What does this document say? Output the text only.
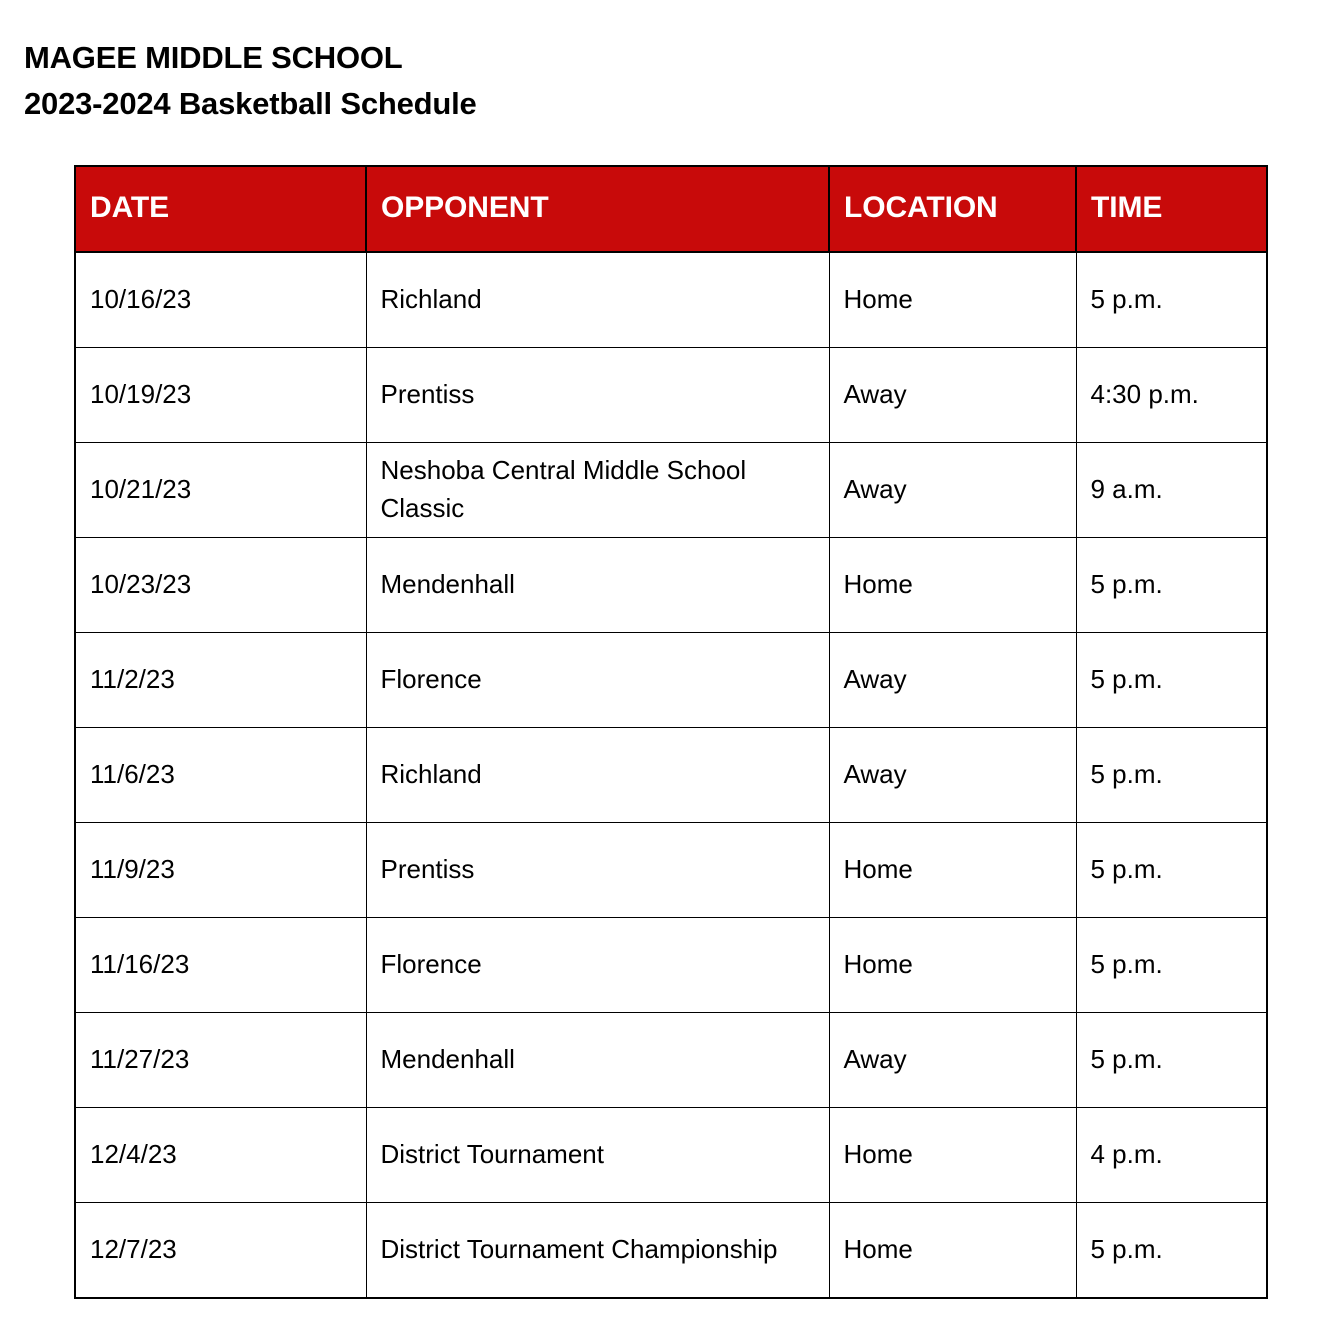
MAGEE MIDDLE SCHOOL
2023-2024 Basketball Schedule
DATE	OPPONENT	LOCATION	TIME
10/16/23	Richland	Home	5 p.m.
10/19/23	Prentiss	Away	4:30 p.m.
10/21/23	Neshoba Central Middle School Classic	Away	9 a.m.
10/23/23	Mendenhall	Home	5 p.m.
11/2/23	Florence	Away	5 p.m.
11/6/23	Richland	Away	5 p.m.
11/9/23	Prentiss	Home	5 p.m.
11/16/23	Florence	Home	5 p.m.
11/27/23	Mendenhall	Away	5 p.m.
12/4/23	District Tournament	Home	4 p.m.
12/7/23	District Tournament Championship	Home	5 p.m.
